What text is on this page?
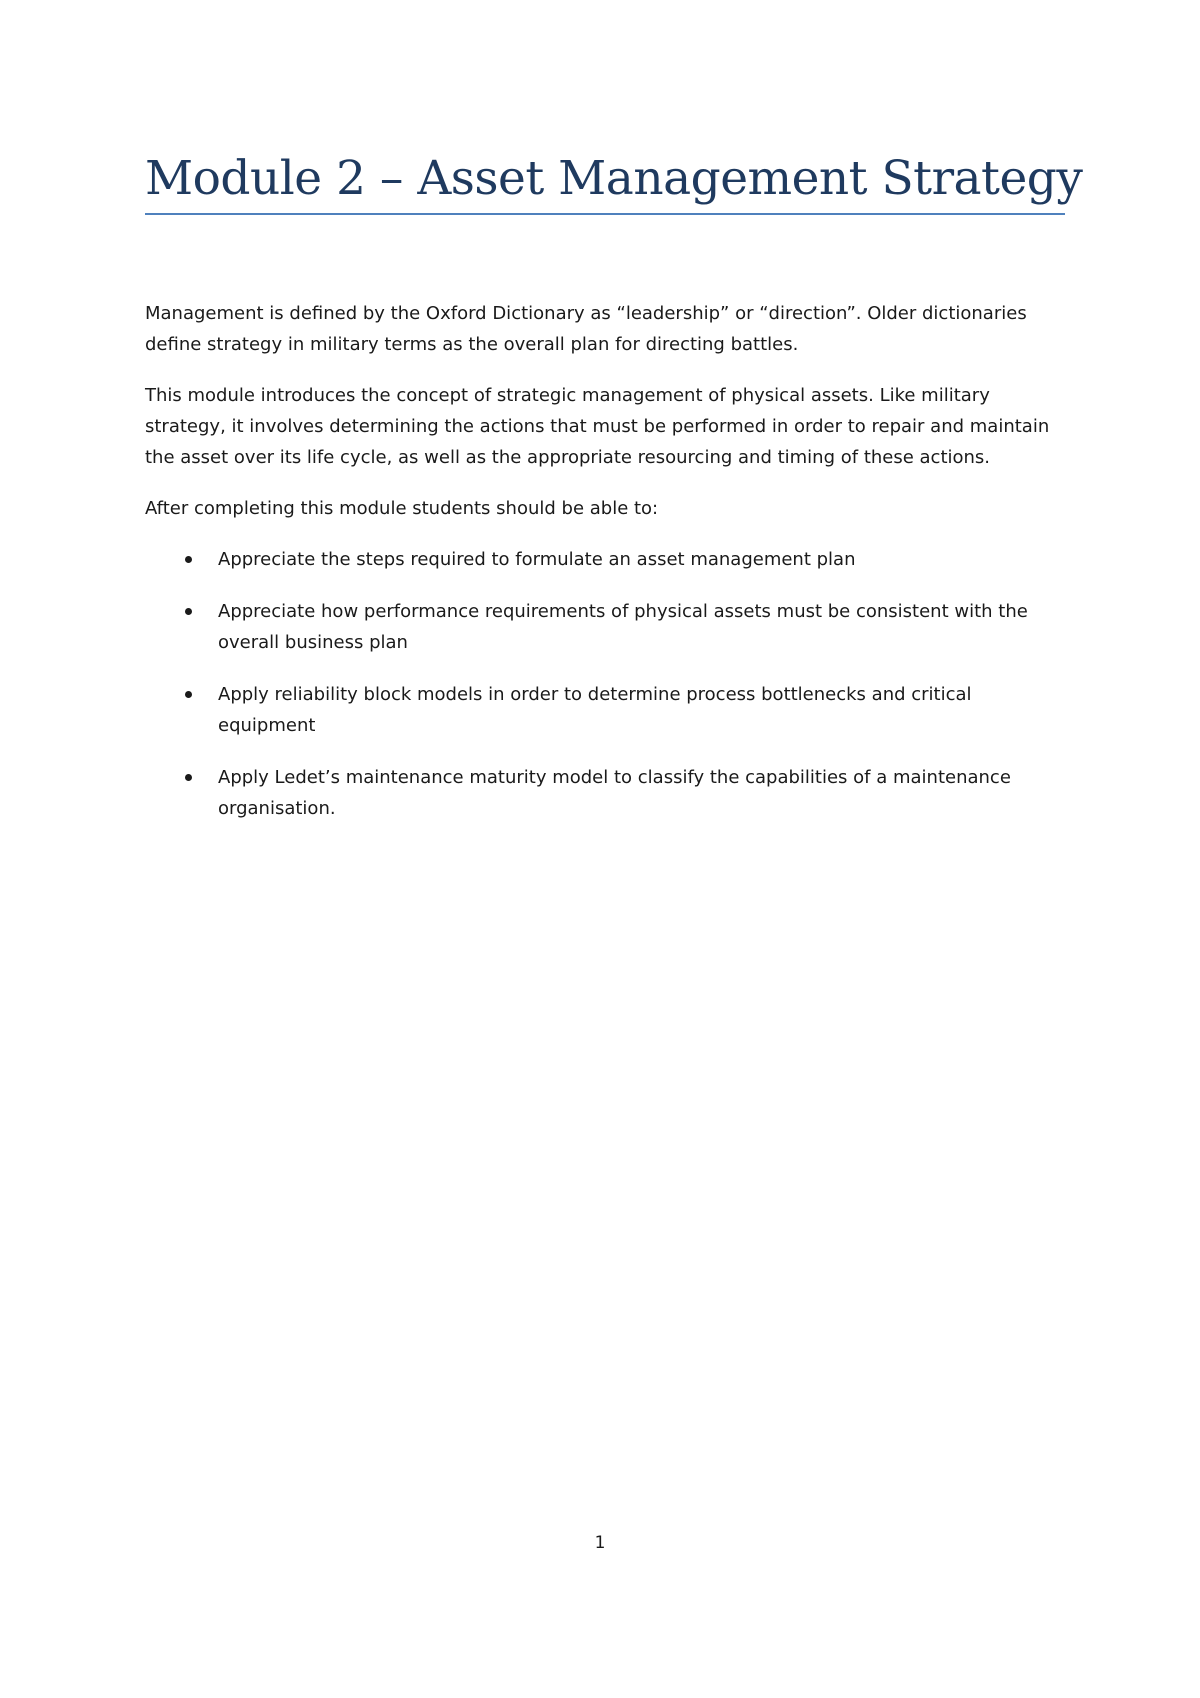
Module 2 – Asset Management Strategy

Management is defined by the Oxford Dictionary as “leadership” or “direction”. Older dictionaries define strategy in military terms as the overall plan for directing battles.

This module introduces the concept of strategic management of physical assets. Like military strategy, it involves determining the actions that must be performed in order to repair and maintain the asset over its life cycle, as well as the appropriate resourcing and timing of these actions.

After completing this module students should be able to:

Appreciate the steps required to formulate an asset management plan
Appreciate how performance requirements of physical assets must be consistent with the overall business plan
Apply reliability block models in order to determine process bottlenecks and critical equipment
Apply Ledet’s maintenance maturity model to classify the capabilities of a maintenance organisation.
1
